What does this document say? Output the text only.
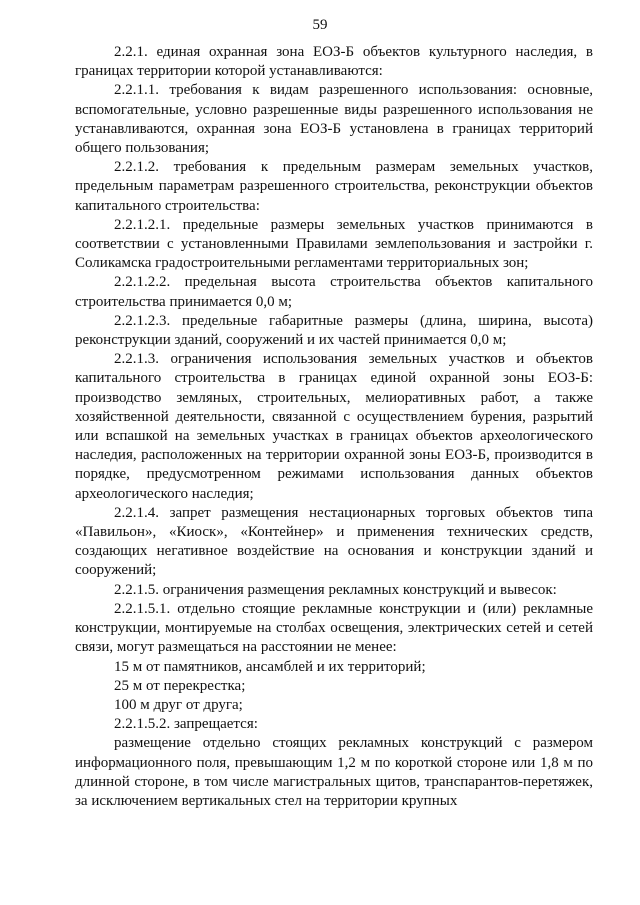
59

2.2.1. единая охранная зона ЕОЗ-Б объектов культурного наследия, в границах территории которой устанавливаются:

2.2.1.1. требования к видам разрешенного использования: основные, вспомогательные, условно разрешенные виды разрешенного использования не устанавливаются, охранная зона ЕОЗ-Б установлена в границах территорий общего пользования;

2.2.1.2. требования к предельным размерам земельных участков, предельным параметрам разрешенного строительства, реконструкции объектов капитального строительства:

2.2.1.2.1. предельные размеры земельных участков принимаются в соответствии с установленными Правилами землепользования и застройки г. Соликамска градостроительными регламентами территориальных зон;

2.2.1.2.2. предельная высота строительства объектов капитального строительства принимается 0,0 м;

2.2.1.2.3. предельные габаритные размеры (длина, ширина, высота) реконструкции зданий, сооружений и их частей принимается 0,0 м;

2.2.1.3. ограничения использования земельных участков и объектов капитального строительства в границах единой охранной зоны ЕОЗ-Б: производство земляных, строительных, мелиоративных работ, а также хозяйственной деятельности, связанной с осуществлением бурения, разрытий или вспашкой на земельных участках в границах объектов археологического наследия, расположенных на территории охранной зоны ЕОЗ-Б, производится в порядке, предусмотренном режимами использования данных объектов археологического наследия;

2.2.1.4. запрет размещения нестационарных торговых объектов типа «Павильон», «Киоск», «Контейнер» и применения технических средств, создающих негативное воздействие на основания и конструкции зданий и сооружений;

2.2.1.5. ограничения размещения рекламных конструкций и вывесок:

2.2.1.5.1. отдельно стоящие рекламные конструкции и (или) рекламные конструкции, монтируемые на столбах освещения, электрических сетей и сетей связи, могут размещаться на расстоянии не менее:

15 м от памятников, ансамблей и их территорий;

25 м от перекрестка;

100 м друг от друга;

2.2.1.5.2. запрещается:

размещение отдельно стоящих рекламных конструкций с размером информационного поля, превышающим 1,2 м по короткой стороне или 1,8 м по длинной стороне, в том числе магистральных щитов, транспарантов-перетяжек, за исключением вертикальных стел на территории крупных
